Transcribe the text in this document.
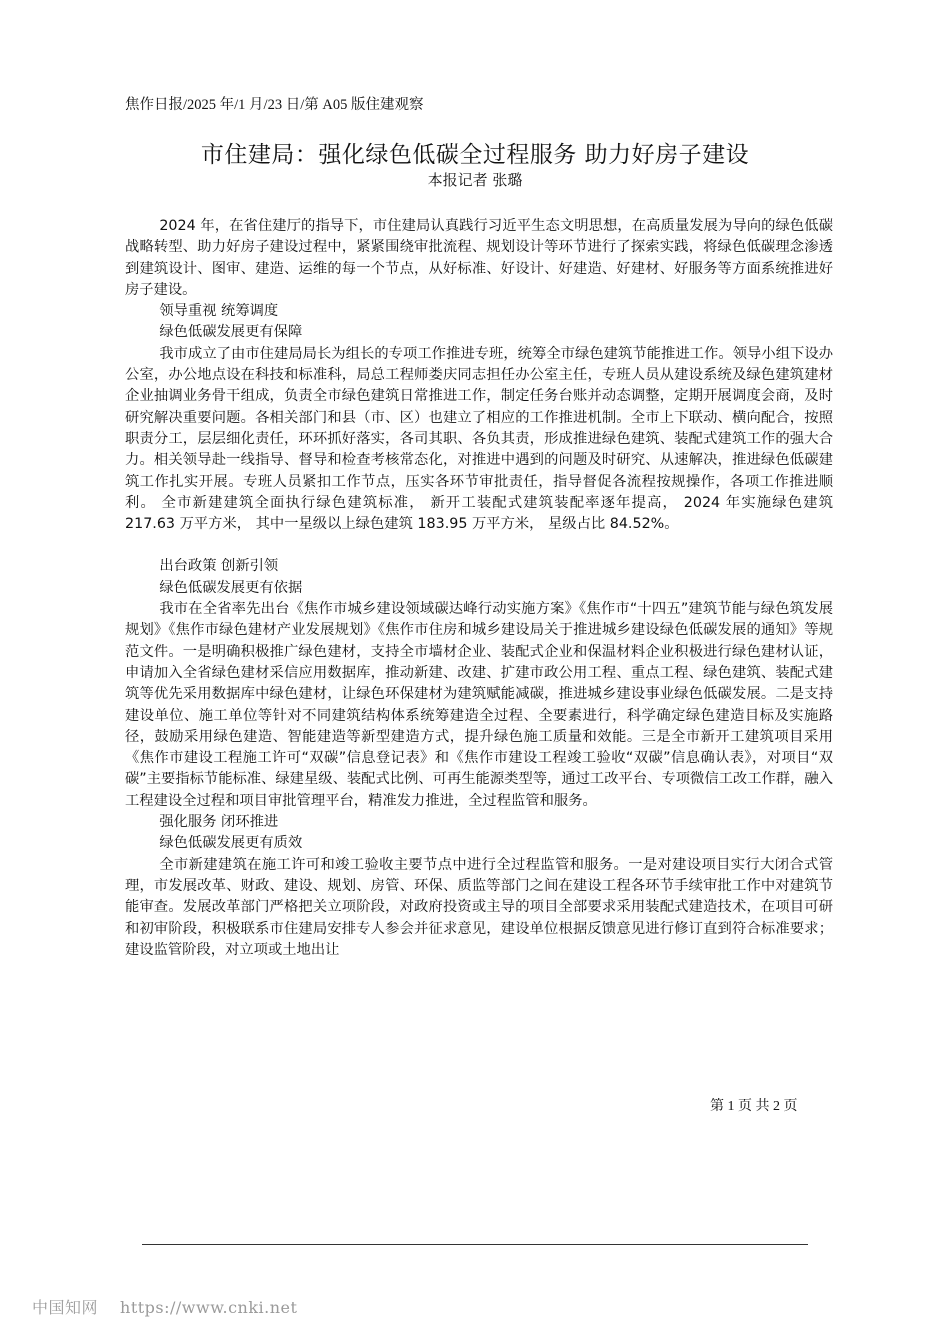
焦作日报/2025 年/1 月/23 日/第 A05 版住建观察
市住建局：强化绿色低碳全过程服务 助力好房子建设
本报记者 张璐

2024 年，在省住建厅的指导下，市住建局认真践行习近平生态文明思想，在高质量发展为导向的绿色低碳战略转型、助力好房子建设过程中，紧紧围绕审批流程、规划设计等环节进行了探索实践，将绿色低碳理念渗透到建筑设计、图审、建造、运维的每一个节点，从好标准、好设计、好建造、好建材、好服务等方面系统推进好房子建设。

领导重视 统筹调度
绿色低碳发展更有保障

我市成立了由市住建局局长为组长的专项工作推进专班，统筹全市绿色建筑节能推进工作。领导小组下设办公室，办公地点设在科技和标准科，局总工程师娄庆同志担任办公室主任，专班人员从建设系统及绿色建筑建材企业抽调业务骨干组成，负责全市绿色建筑日常推进工作，制定任务台账并动态调整，定期开展调度会商，及时研究解决重要问题。各相关部门和县（市、区）也建立了相应的工作推进机制。全市上下联动、横向配合，按照职责分工，层层细化责任，环环抓好落实，各司其职、各负其责，形成推进绿色建筑、装配式建筑工作的强大合力。相关领导赴一线指导、督导和检查考核常态化，对推进中遇到的问题及时研究、从速解决，推进绿色低碳建筑工作扎实开展。专班人员紧扣工作节点，压实各环节审批责任，指导督促各流程按规操作，各项工作推进顺利。 全市新建建筑全面执行绿色建筑标准， 新开工装配式建筑装配率逐年提高， 2024 年实施绿色建筑 217.63 万平方米， 其中一星级以上绿色建筑 183.95 万平方米， 星级占比 84.52%。

出台政策 创新引领
绿色低碳发展更有依据

我市在全省率先出台《焦作市城乡建设领域碳达峰行动实施方案》《焦作市“十四五”建筑节能与绿色筑发展规划》《焦作市绿色建材产业发展规划》《焦作市住房和城乡建设局关于推进城乡建设绿色低碳发展的通知》等规范文件。一是明确积极推广绿色建材，支持全市墙材企业、装配式企业和保温材料企业积极进行绿色建材认证，申请加入全省绿色建材采信应用数据库，推动新建、改建、扩建市政公用工程、重点工程、绿色建筑、装配式建筑等优先采用数据库中绿色建材，让绿色环保建材为建筑赋能减碳，推进城乡建设事业绿色低碳发展。二是支持建设单位、施工单位等针对不同建筑结构体系统筹建造全过程、全要素进行，科学确定绿色建造目标及实施路径，鼓励采用绿色建造、智能建造等新型建造方式，提升绿色施工质量和效能。三是全市新开工建筑项目采用《焦作市建设工程施工许可“双碳”信息登记表》和《焦作市建设工程竣工验收“双碳”信息确认表》，对项目“双碳”主要指标节能标准、绿建星级、装配式比例、可再生能源类型等，通过工改平台、专项微信工改工作群，融入工程建设全过程和项目审批管理平台，精准发力推进，全过程监管和服务。

强化服务 闭环推进
绿色低碳发展更有质效

全市新建建筑在施工许可和竣工验收主要节点中进行全过程监管和服务。一是对建设项目实行大闭合式管理，市发展改革、财政、建设、规划、房管、环保、质监等部门之间在建设工程各环节手续审批工作中对建筑节能审查。发展改革部门严格把关立项阶段，对政府投资或主导的项目全部要求采用装配式建造技术，在项目可研和初审阶段，积极联系市住建局安排专人参会并征求意见，建设单位根据反馈意见进行修订直到符合标准要求；建设监管阶段，对立项或土地出让

第 1 页 共 2 页
中国知网 https://www.cnki.net
